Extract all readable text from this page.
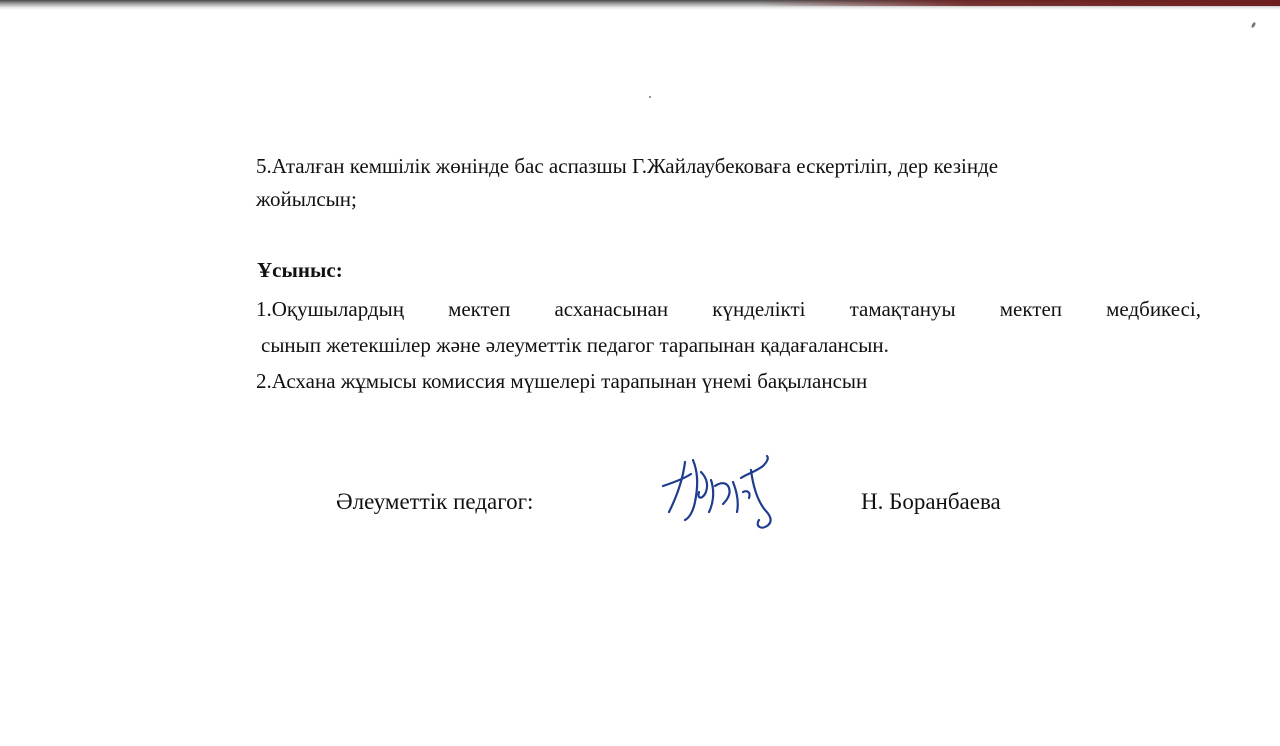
5.Аталған кемшілік жөнінде бас аспазшы Г.Жайлаубековаға ескертіліп, дер кезінде
жойылсын;
Ұсыныс:
1.Оқушылардың мектеп асханасынан күнделікті тамақтануы мектеп медбикесі,
сынып жетекшілер және әлеуметтік педагог тарапынан қадағалансын.
2.Асхана жұмысы комиссия мүшелері тарапынан үнемі бақылансын
Әлеуметтік педагог:	Н. Боранбаева
